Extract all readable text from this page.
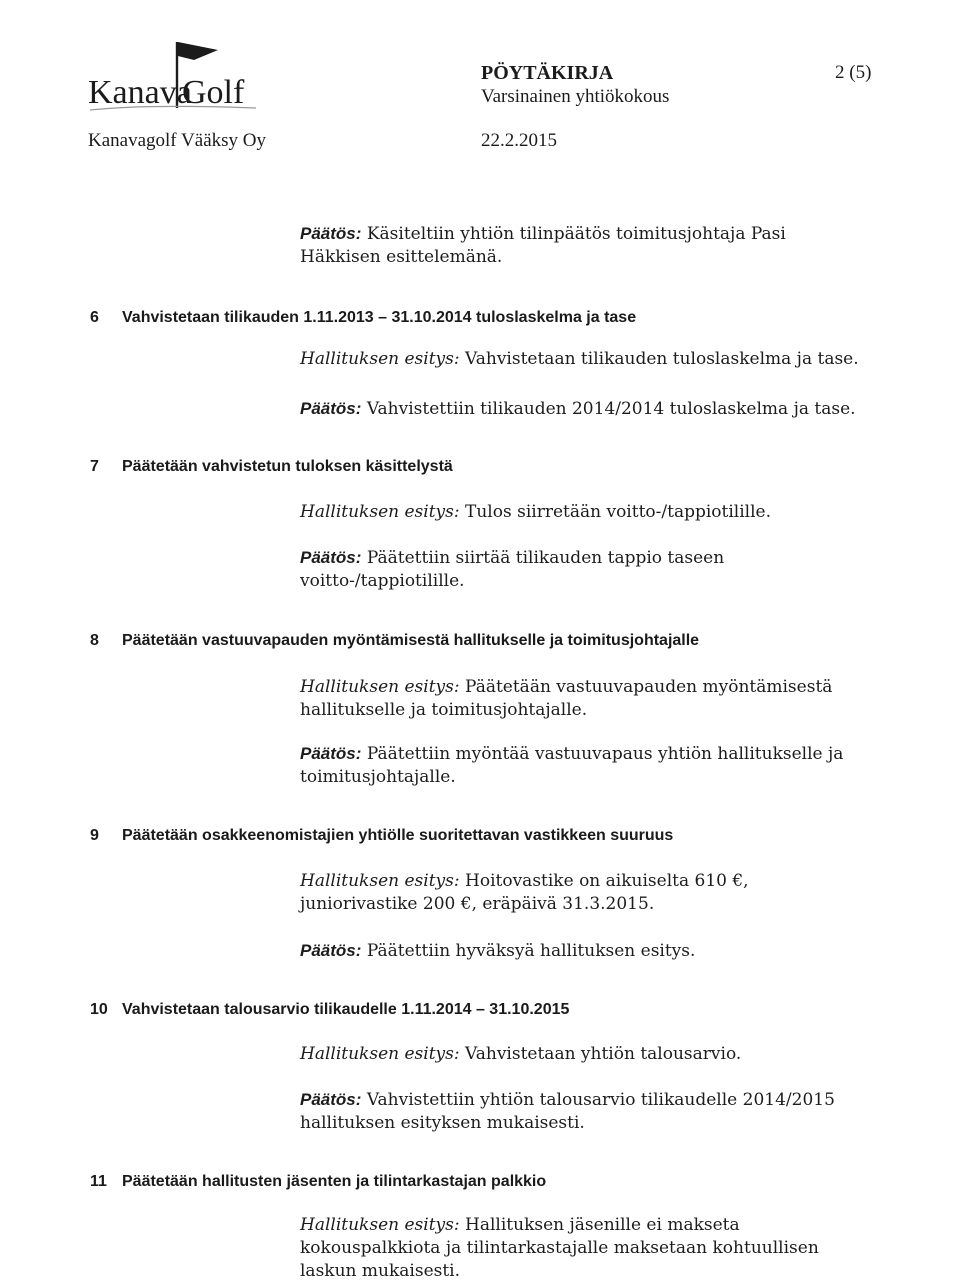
Kanava
Golf
Kanavagolf Vääksy Oy
PÖYTÄKIRJA
Varsinainen yhtiökokous
22.2.2015
2 (5)
Päätös: Käsiteltiin yhtiön tilinpäätös toimitusjohtaja Pasi Häkkisen esittelemänä.
6 Vahvistetaan tilikauden 1.11.2013 – 31.10.2014 tuloslaskelma ja tase
Hallituksen esitys: Vahvistetaan tilikauden tuloslaskelma ja tase.
Päätös: Vahvistettiin tilikauden 2014/2014 tuloslaskelma ja tase.
7 Päätetään vahvistetun tuloksen käsittelystä
Hallituksen esitys: Tulos siirretään voitto-/tappiotilille.
Päätös: Päätettiin siirtää tilikauden tappio taseen voitto-/tappiotilille.
8 Päätetään vastuuvapauden myöntämisestä hallitukselle ja toimitusjohtajalle
Hallituksen esitys: Päätetään vastuuvapauden myöntämisestä hallitukselle ja toimitusjohtajalle.
Päätös: Päätettiin myöntää vastuuvapaus yhtiön hallitukselle ja toimitusjohtajalle.
9 Päätetään osakkeenomistajien yhtiölle suoritettavan vastikkeen suuruus
Hallituksen esitys: Hoitovastike on aikuiselta 610 €, juniorivastike 200 €, eräpäivä 31.3.2015.
Päätös: Päätettiin hyväksyä hallituksen esitys.
10 Vahvistetaan talousarvio tilikaudelle 1.11.2014 – 31.10.2015
Hallituksen esitys: Vahvistetaan yhtiön talousarvio.
Päätös: Vahvistettiin yhtiön talousarvio tilikaudelle 2014/2015 hallituksen esityksen mukaisesti.
11 Päätetään hallitusten jäsenten ja tilintarkastajan palkkio
Hallituksen esitys: Hallituksen jäsenille ei makseta kokouspalkkiota ja tilintarkastajalle maksetaan kohtuullisen laskun mukaisesti.
